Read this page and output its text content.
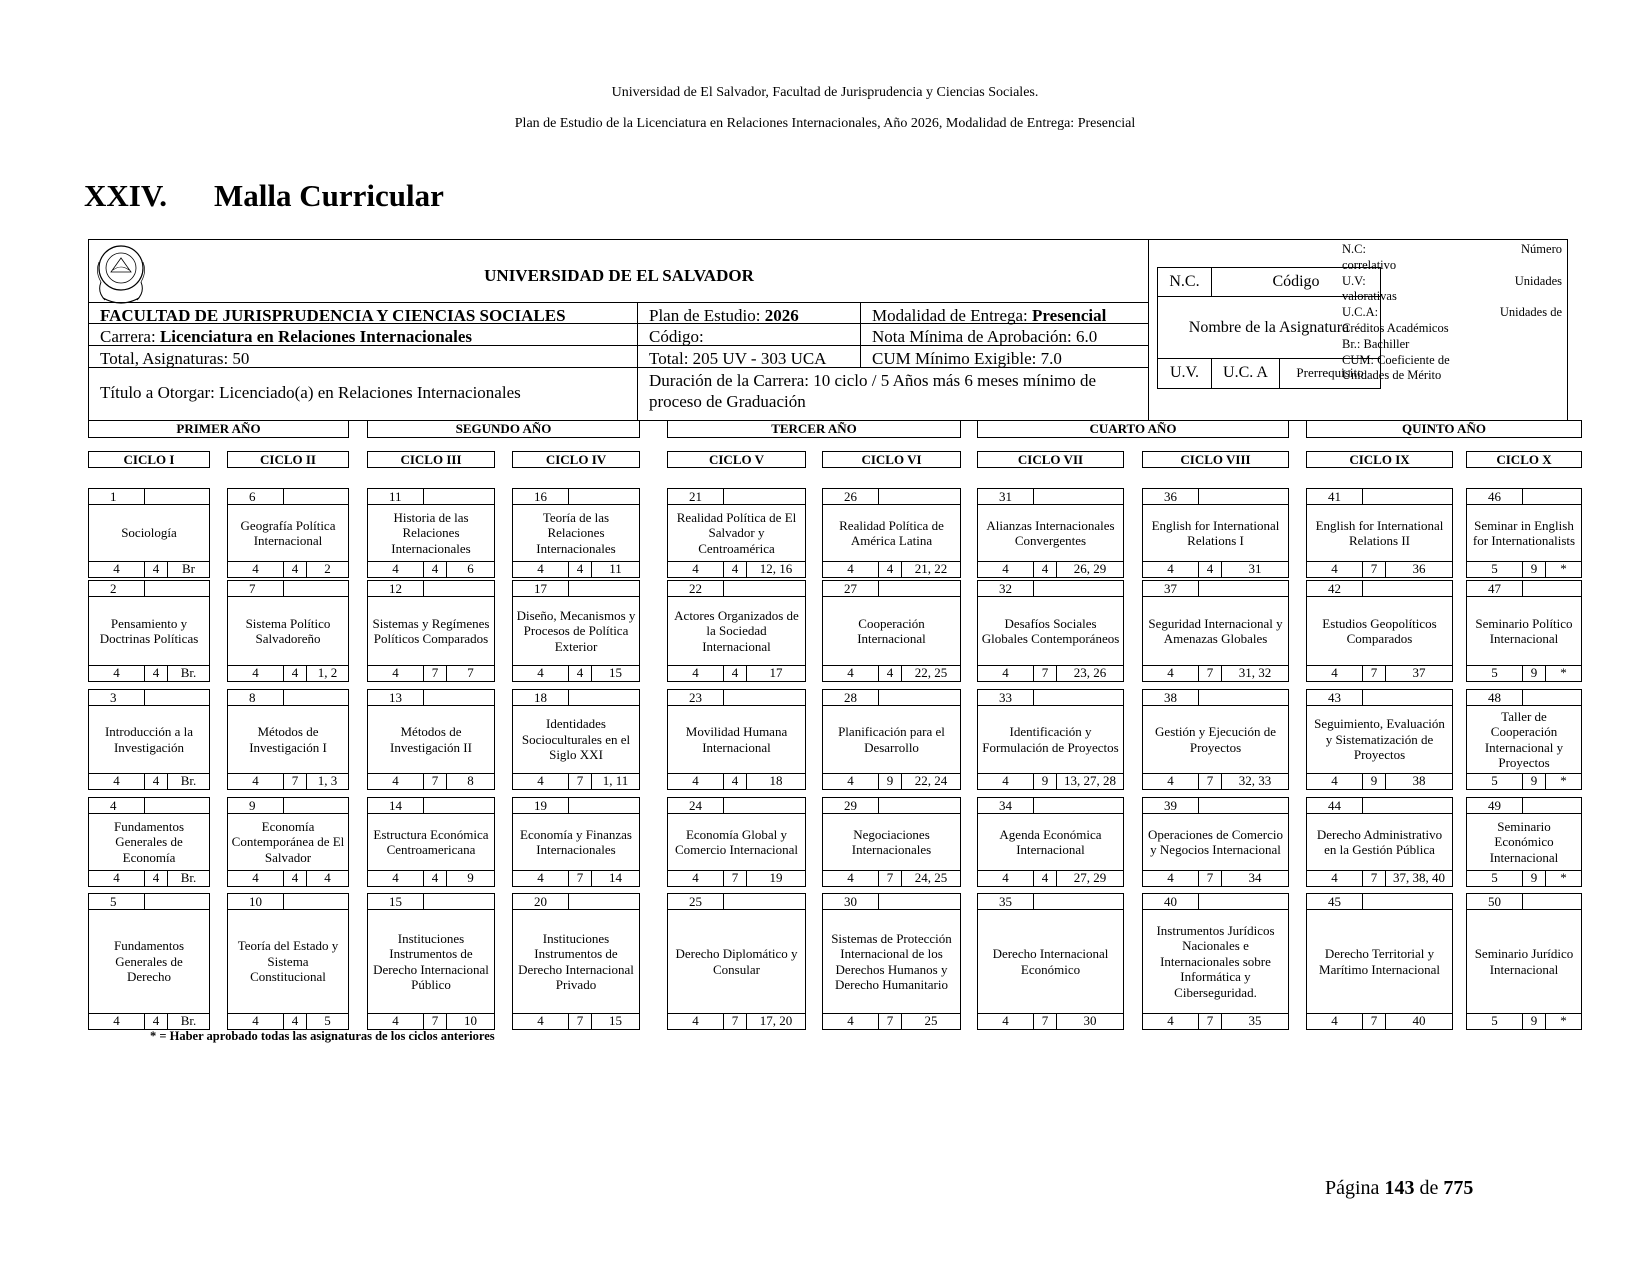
Universidad de El Salvador, Facultad de Jurisprudencia y Ciencias Sociales.
Plan de Estudio de la Licenciatura en Relaciones Internacionales, Año 2026, Modalidad de Entrega: Presencial
XXIV. Malla Curricular
UNIVERSIDAD DE EL SALVADOR
FACULTAD DE JURISPRUDENCIA Y CIENCIAS SOCIALES	Plan de Estudio: 2026	Modalidad de Entrega: Presencial
Carrera: Licenciatura en Relaciones Internacionales	Código:	Nota Mínima de Aprobación: 6.0
Total, Asignaturas: 50	Total: 205 UV - 303 UCA	CUM Mínimo Exigible: 7.0
Título a Otorgar: Licenciado(a) en Relaciones Internacionales
Duración de la Carrera: 10 ciclo / 5 Años más 6 meses mínimo de proceso de Graduación
N.C.	Código
Nombre de la Asignatura
U.V.	U.C. A	Prerrequisito
N.C:	Número
correlativo
U.V:	Unidades
valorativas
U.C.A:	Unidades de
Créditos Académicos
Br.: Bachiller
CUM: Coeficiente de
Unidades de Mérito
PRIMER AÑO	SEGUNDO AÑO	TERCER AÑO	CUARTO AÑO	QUINTO AÑO
CICLO I
1
Sociología
4	4	Br
2
Pensamiento y Doctrinas Políticas
4	4	Br.
3
Introducción a la Investigación
4	4	Br.
4
Fundamentos Generales de Economía
4	4	Br.
5
Fundamentos Generales de Derecho
4	4	Br.
CICLO II
6
Geografía Política Internacional
4	4	2
7
Sistema Político Salvadoreño
4	4	1, 2
8
Métodos de Investigación I
4	7	1, 3
9
Economía Contemporánea de El Salvador
4	4	4
10
Teoría del Estado y Sistema Constitucional
4	4	5
CICLO III
11
Historia de las Relaciones Internacionales
4	4	6
12
Sistemas y Regímenes Políticos Comparados
4	7	7
13
Métodos de Investigación II
4	7	8
14
Estructura Económica Centroamericana
4	4	9
15
Instituciones Instrumentos de Derecho Internacional Público
4	7	10
CICLO IV
16
Teoría de las Relaciones Internacionales
4	4	11
17
Diseño, Mecanismos y Procesos de Política Exterior
4	4	15
18
Identidades Socioculturales en el Siglo XXI
4	7	1, 11
19
Economía y Finanzas Internacionales
4	7	14
20
Instituciones Instrumentos de Derecho Internacional Privado
4	7	15
CICLO V
21
Realidad Política de El Salvador y Centroamérica
4	4	12, 16
22
Actores Organizados de la Sociedad Internacional
4	4	17
23
Movilidad Humana Internacional
4	4	18
24
Economía Global y Comercio Internacional
4	7	19
25
Derecho Diplomático y Consular
4	7	17, 20
CICLO VI
26
Realidad Política de América Latina
4	4	21, 22
27
Cooperación Internacional
4	4	22, 25
28
Planificación para el Desarrollo
4	9	22, 24
29
Negociaciones Internacionales
4	7	24, 25
30
Sistemas de Protección Internacional de los Derechos Humanos y Derecho Humanitario
4	7	25
CICLO VII
31
Alianzas Internacionales Convergentes
4	4	26, 29
32
Desafíos Sociales Globales Contemporáneos
4	7	23, 26
33
Identificación y Formulación de Proyectos
4	9	13, 27, 28
34
Agenda Económica Internacional
4	4	27, 29
35
Derecho Internacional Económico
4	7	30
CICLO VIII
36
English for International Relations I
4	4	31
37
Seguridad Internacional y Amenazas Globales
4	7	31, 32
38
Gestión y Ejecución de Proyectos
4	7	32, 33
39
Operaciones de Comercio y Negocios Internacional
4	7	34
40
Instrumentos Jurídicos Nacionales e Internacionales sobre Informática y Ciberseguridad.
4	7	35
CICLO IX
41
English for International Relations II
4	7	36
42
Estudios Geopolíticos Comparados
4	7	37
43
Seguimiento, Evaluación y Sistematización de Proyectos
4	9	38
44
Derecho Administrativo en la Gestión Pública
4	7	37, 38, 40
45
Derecho Territorial y Marítimo Internacional
4	7	40
CICLO X
46
Seminar in English for Internationalists
5	9	*
47
Seminario Político Internacional
5	9	*
48
Taller de Cooperación Internacional y Proyectos
5	9	*
49
Seminario Económico Internacional
5	9	*
50
Seminario Jurídico Internacional
5	9	*
* = Haber aprobado todas las asignaturas de los ciclos anteriores
Página 143 de 775
